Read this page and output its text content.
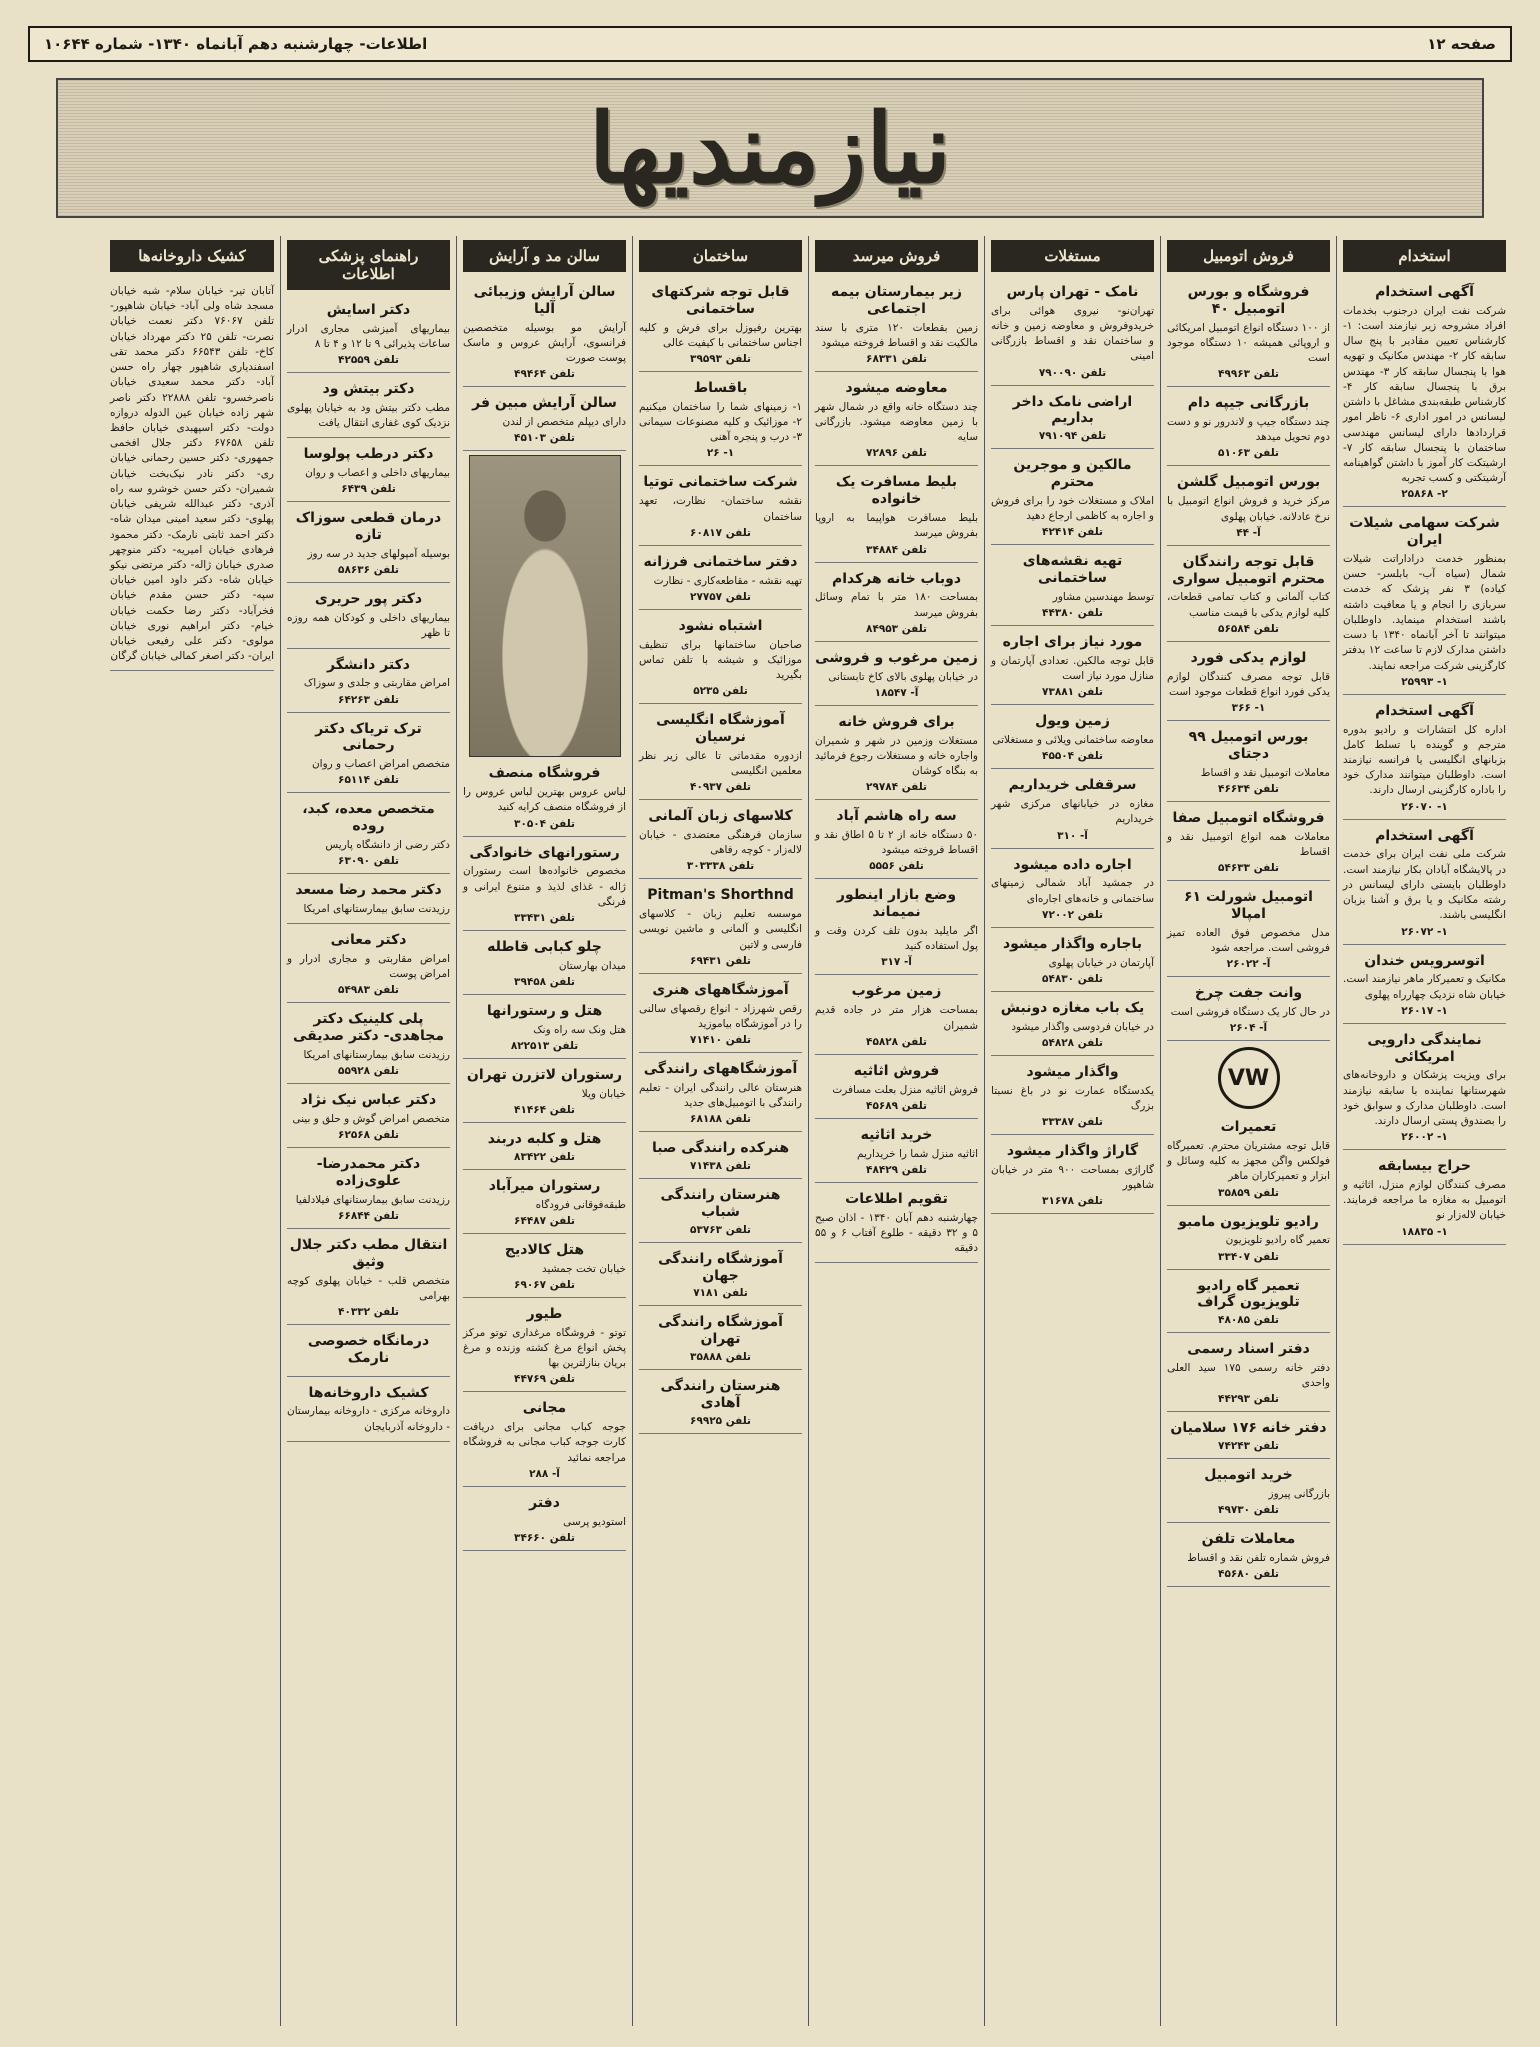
صفحه ۱۲
اطلاعات- چهارشنبه دهم آبانماه ۱۳۴۰- شماره ۱۰۶۴۴
نیازمندیها
استخدام
آگهی استخدام

شرکت نفت ایران درجنوب بخدمات افراد مشروحه زیر نیازمند است: ۱- کارشناس تعیین مقادیر با پنج سال سابقه کار ۲- مهندس مکانیک و تهویه هوا با پنجسال سابقه کار ۳- مهندس برق با پنجسال سابقه کار ۴- کارشناس طبقه‌بندی مشاغل با داشتن لیسانس در امور اداری ۶- ناظر امور قراردادها دارای لیسانس مهندسی ساختمان با پنجسال سابقه کار ۷- ارشیتکت کار آموز با داشتن گواهینامه آرشیتکتی و کسب تجربه

۲- ۲۵۸۶۸
شرکت سهامی شیلات ایران

بمنظور خدمت دراداراتت شیلات شمال (سیاه آب- بابلسر- حسن کیاده) ۳ نفر پزشک که خدمت سربازی را انجام و یا معافیت داشته باشند استخدام مینماید. داوطلبان میتوانند تا آخر آبانماه ۱۳۴۰ با دست داشتن مدارک لازم تا ساعت ۱۲ بدفتر کارگزینی شرکت مراجعه نمایند.

۱- ۲۵۹۹۳
آگهی استخدام

اداره کل انتشارات و رادیو بدوره مترجم و گوینده با تسلط کامل بزبانهای انگلیسی یا فرانسه نیازمند است. داوطلبان میتوانند مدارک خود را باداره کارگزینی ارسال دارند.

۱- ۲۶۰۷۰
آگهی استخدام

شرکت ملی نفت ایران برای خدمت در پالایشگاه آبادان بکار نیازمند است. داوطلبان بایستی دارای لیسانس در رشته مکانیک و یا برق و آشنا بزبان انگلیسی باشند.

۱- ۲۶۰۷۲
اتوسرویس خندان

مکانیک و تعمیرکار ماهر نیازمند است. خیابان شاه نزدیک چهارراه پهلوی

۱- ۲۶۰۱۷
نمایندگی دارویی امریکائی

برای ویزیت پزشکان و داروخانه‌های شهرستانها نماینده با سابقه نیازمند است. داوطلبان مدارک و سوابق خود را بصندوق پستی ارسال دارند.

۱- ۲۶۰۰۲
حراج بیسابقه

مصرف کنندگان لوازم منزل، اثاثیه و اتومبیل به مغازه ما مراجعه فرمایند. خیابان لاله‌زار نو

۱- ۱۸۸۳۵
فروش اتومبیل
فروشگاه و بورس اتومبیل ۴۰

از ۱۰۰ دستگاه انواع اتومبیل امریکائی و اروپائی همیشه ۱۰ دستگاه موجود است

تلفن ۴۹۹۶۳
بازرگانی جیپه دام

چند دستگاه جیپ و لاندرور نو و دست دوم تحویل میدهد

تلفن ۵۱۰۶۳
بورس اتومبیل گلشن

مرکز خرید و فروش انواع اتومبیل با نرخ عادلانه. خیابان پهلوی

آ- ۴۴
قابل توجه رانندگان محترم اتومبیل سواری

کتاب آلمانی و کتاب تمامی قطعات، کلیه لوازم یدکی با قیمت مناسب

تلفن ۵۶۵۸۴
لوازم یدکی فورد

قابل توجه مصرف کنندگان لوازم یدکی فورد انواع قطعات موجود است

۱- ۳۶۶
بورس اتومبیل ۹۹ دجتای

معاملات اتومبیل نقد و اقساط

تلفن ۴۶۶۳۴
فروشگاه اتومبیل صفا

معاملات همه انواع اتومبیل نقد و اقساط

تلفن ۵۴۶۳۳
اتومبیل شورلت ۶۱ امپالا

مدل مخصوص فوق العاده تمیز فروشی است. مراجعه شود

آ- ۲۶۰۲۲
وانت جفت چرخ

در حال کار یک دستگاه فروشی است

آ- ۲۶۰۴
VW
تعمیرات

قابل توجه مشتریان محترم. تعمیرگاه فولکس واگن مجهز به کلیه وسائل و ابزار و تعمیرکاران ماهر

تلفن ۳۵۸۵۹
رادیو تلویزیون مامبو

تعمیر گاه رادیو تلویزیون

تلفن ۳۳۴۰۷
تعمیر گاه رادیو تلویزیون گراف
تلفن ۴۸۰۸۵
دفتر اسناد رسمی

دفتر خانه رسمی ۱۷۵ سید العلی واحدی

تلفن ۴۴۲۹۳
دفتر خانه ۱۷۶ سلامیان
تلفن ۷۴۲۴۳
خرید اتومبیل

بازرگانی پیروز

تلفن ۴۹۷۳۰
معاملات تلفن

فروش شماره تلفن نقد و اقساط

تلفن ۴۵۶۸۰
مستغلات
نامک - تهران پارس

تهران‌نو- نیروی هوائی برای خریدوفروش و معاوضه زمین و خانه و ساختمان نقد و اقساط بازرگانی امینی

تلفن ۷۹۰۰۹۰
اراضی نامک داخر بداریم
تلفن ۷۹۱۰۹۴
مالکین و موجرین محترم

املاک و مستغلات خود را برای فروش و اجاره به کاظمی ارجاع دهید

تلفن ۴۲۴۱۴
تهیه نقشه‌های ساختمانی

توسط مهندسین مشاور

تلفن ۴۴۳۸۰
مورد نیاز برای اجاره

قابل توجه مالکین. تعدادی آپارتمان و منازل مورد نیاز است

تلفن ۷۳۸۸۱
زمین ویول

معاوضه ساختمانی ویلائی و مستغلاتی

تلفن ۴۵۵۰۴
سرقفلی خریداریم

مغازه در خیابانهای مرکزی شهر خریداریم

آ- ۳۱۰
اجاره داده میشود

در جمشید آباد شمالی زمینهای ساختمانی و خانه‌های اجاره‌ای

تلفن ۷۲۰۰۲
باجاره واگذار میشود

آپارتمان در خیابان پهلوی

تلفن ۵۴۸۳۰
یک باب مغازه دونبش

در خیابان فردوسی واگذار میشود

تلفن ۵۴۸۲۸
واگذار میشود

یکدستگاه عمارت نو در باغ نسبتا بزرگ

تلفن ۳۳۳۸۷
گاراژ واگذار میشود

گاراژی بمساحت ۹۰۰ متر در خیابان شاهپور

تلفن ۳۱۶۷۸
فروش میرسد
زیر بیمارستان بیمه اجتماعی

زمین بقطعات ۱۲۰ متری با سند مالکیت نقد و اقساط فروخته میشود

تلفن ۶۸۳۳۱
معاوضه میشود

چند دستگاه خانه واقع در شمال شهر با زمین معاوضه میشود. بازرگانی سایه

تلفن ۷۲۸۹۶
بلیط مسافرت یک خانواده

بلیط مسافرت هواپیما به اروپا بفروش میرسد

تلفن ۳۴۸۸۴
دوباب خانه هرکدام

بمساحت ۱۸۰ متر با تمام وسائل بفروش میرسد

تلفن ۸۴۹۵۳
زمین مرغوب و فروشی

در خیابان پهلوی بالای کاخ تابستانی

آ- ۱۸۵۴۷
برای فروش خانه

مستغلات وزمین در شهر و شمیران واجاره خانه و مستغلات رجوع فرمائید به بنگاه کوشان

تلفن ۲۹۷۸۴
سه راه هاشم آباد

۵۰ دستگاه خانه از ۲ تا ۵ اطاق نقد و اقساط فروخته میشود

تلفن ۵۵۵۶
وضع بازار اینطور نمیماند

اگر مایلید بدون تلف کردن وقت و پول استفاده کنید

آ- ۳۱۷
زمین مرغوب

بمساحت هزار متر در جاده قدیم شمیران

تلفن ۴۵۸۲۸
فروش اثاثیه

فروش اثاثیه منزل بعلت مسافرت

تلفن ۴۵۶۸۹
خرید اثاثیه

اثاثیه منزل شما را خریداریم

تلفن ۴۸۴۲۹
تقویم اطلاعات

چهارشنبه دهم آبان ۱۳۴۰ - اذان صبح ۵ و ۳۲ دقیقه - طلوع آفتاب ۶ و ۵۵ دقیقه

ساختمان
قابل توجه شرکتهای ساختمانی

بهترین رفیوزل برای فرش و کلیه اجناس ساختمانی با کیفیت عالی

تلفن ۳۹۵۹۳
باقساط

۱- زمینهای شما را ساختمان میکنیم ۲- موزائیک و کلیه مصنوعات سیمانی ۳- درب و پنجره آهنی

۱- ۲۶
شرکت ساختمانی توتیا

نقشه ساختمان- نظارت، تعهد ساختمان

تلفن ۶۰۸۱۷
دفتر ساختمانی فرزانه

تهیه نقشه - مقاطعه‌کاری - نظارت

تلفن ۲۷۷۵۷
اشتباه نشود

صاحبان ساختمانها برای تنظیف موزائیک و شیشه با تلفن تماس بگیرید

تلفن ۵۲۳۵
آموزشگاه انگلیسی نرسیان

ازدوره مقدماتی تا عالی زیر نظر معلمین انگلیسی

تلفن ۴۰۹۳۷
کلاسهای زبان آلمانی

سازمان فرهنگی معتضدی - خیابان لاله‌زار - کوچه رفاهی

تلفن ۳۰۳۳۳۸
Pitman's Shorthnd

موسسه تعلیم زبان - کلاسهای انگلیسی و آلمانی و ماشین نویسی فارسی و لاتین

تلفن ۶۹۴۳۱
آموزشگاههای هنری

رقص شهرزاد - انواع رقصهای سالنی را در آموزشگاه بیاموزید

تلفن ۷۱۴۱۰
آموزشگاههای رانندگی

هنرستان عالی رانندگی ایران - تعلیم رانندگی با اتومبیل‌های جدید

تلفن ۶۸۱۸۸
هنرکده رانندگی صبا
تلفن ۷۱۴۳۸
هنرستان رانندگی شباب
تلفن ۵۳۷۶۳
آموزشگاه رانندگی جهان
تلفن ۷۱۸۱
آموزشگاه رانندگی تهران
تلفن ۳۵۸۸۸
هنرستان رانندگی آهادی
تلفن ۶۹۹۲۵
سالن مد و آرایش
سالن آرایش وزیبائی آلیا

آرایش مو بوسیله متخصصین فرانسوی، آرایش عروس و ماسک پوست صورت

تلفن ۴۹۴۶۴
سالن آرایش مبین فر

دارای دیپلم متخصص از لندن

تلفن ۴۵۱۰۳
فروشگاه منصف

لباس عروس بهترین لباس عروس را از فروشگاه منصف کرایه کنید

تلفن ۳۰۵۰۴
رستورانهای خانوادگی

مخصوص خانواده‌ها است رستوران ژاله - غذای لذیذ و متنوع ایرانی و فرنگی

تلفن ۳۳۴۳۱
چلو کبابی قاطله

میدان بهارستان

تلفن ۳۹۴۵۸
هتل و رستورانها

هتل ونک سه راه ونک

تلفن ۸۲۲۵۱۳
رستوران لاتزرن تهران

خیابان ویلا

تلفن ۴۱۴۶۴
هتل و کلبه دربند
تلفن ۸۳۴۲۲
رستوران میرآباد

طبقه‌فوقانی فرودگاه

تلفن ۶۴۴۸۷
هتل کالادیج

خیابان تخت جمشید

تلفن ۶۹۰۶۷
طیور

توتو - فروشگاه مرغداری توتو مرکز پخش انواع مرغ کشته وزنده و مرغ بریان بنازلترین بها

تلفن ۴۴۷۶۹
مجانی

جوجه کباب مجانی برای دریافت کارت جوجه کباب مجانی به فروشگاه مراجعه نمائید

آ- ۲۸۸
دفتر

استودیو پرسی

تلفن ۳۴۶۶۰
راهنمای پزشکی اطلاعات
دکتر اسایش

بیماریهای آمیزشی مجاری ادرار ساعات پذیرائی ۹ تا ۱۲ و ۴ تا ۸

تلفن ۴۲۵۵۹
دکتر بیتش ود

مطب دکتر بیتش ود به خیابان پهلوی نزدیک کوی غفاری انتقال یافت

دکتر درطب پولوسا

بیماریهای داخلی و اعصاب و روان

تلفن ۶۴۳۹
درمان قطعی سوزاک تازه

بوسیله آمپولهای جدید در سه روز

تلفن ۵۸۶۳۶
دکتر پور حریری

بیماریهای داخلی و کودکان همه روزه تا ظهر

دکتر دانشگر

امراض مقاربتی و جلدی و سوزاک

تلفن ۶۴۲۶۳
ترک تریاک دکتر رحمانی

متخصص امراض اعصاب و روان

تلفن ۶۵۱۱۴
متخصص معده، کبد، روده

دکتر رضی از دانشگاه پاریس

تلفن ۶۳۰۹۰
دکتر محمد رضا مسعد

رزیدنت سابق بیمارستانهای امریکا

دکتر معانی

امراض مقاربتی و مجاری ادرار و امراض پوست

تلفن ۵۴۹۸۳
پلی کلینیک دکتر مجاهدی- دکتر صدیقی

رزیدنت سابق بیمارستانهای امریکا

تلفن ۵۵۹۲۸
دکتر عباس نیک نژاد

متخصص امراض گوش و حلق و بینی

تلفن ۶۲۵۶۸
دکتر محمدرضا- علوی‌زاده

رزیدنت سابق بیمارستانهای فیلادلفیا

تلفن ۶۶۸۴۴
انتقال مطب دکتر جلال وثیق

متخصص قلب - خیابان پهلوی کوچه بهرامی

تلفن ۴۰۳۳۲
درمانگاه خصوصی نارمک
کشیک داروخانه‌ها

داروخانه مرکزی - داروخانه بیمارستان - داروخانه آذربایجان

کشیک داروخانه‌ها

آتابان تیر- خیابان سلام- شبه خیابان مسجد شاه ولی آباد- خیابان شاهپور- تلفن ۷۶۰۶۷ دکتر نعمت خیابان نصرت- تلفن ۲۵ دکتر مهرداد خیابان کاخ- تلفن ۶۶۵۴۳ دکتر محمد تقی اسفندیاری شاهپور چهار راه حسن آباد- دکتر محمد سعیدی خیابان ناصرخسرو- تلفن ۲۲۸۸۸ دکتر ناصر شهر زاده خیابان عین الدوله دروازه دولت- دکتر اسپهبدی خیابان حافظ تلفن ۶۷۶۵۸ دکتر جلال افخمی جمهوری- دکتر حسین رحمانی خیابان ری- دکتر نادر نیک‌بخت خیابان شمیران- دکتر حسن خوشرو سه راه آذری- دکتر عبدالله شریفی خیابان پهلوی- دکتر سعید امینی میدان شاه- دکتر احمد ثابتی نارمک- دکتر محمود فرهادی خیابان امیریه- دکتر منوچهر صدری خیابان ژاله- دکتر مرتضی نیکو خیابان شاه- دکتر داود امین خیابان سپه- دکتر حسن مقدم خیابان فخرآباد- دکتر رضا حکمت خیابان خیام- دکتر ابراهیم نوری خیابان مولوی- دکتر علی رفیعی خیابان ایران- دکتر اصغر کمالی خیابان گرگان
